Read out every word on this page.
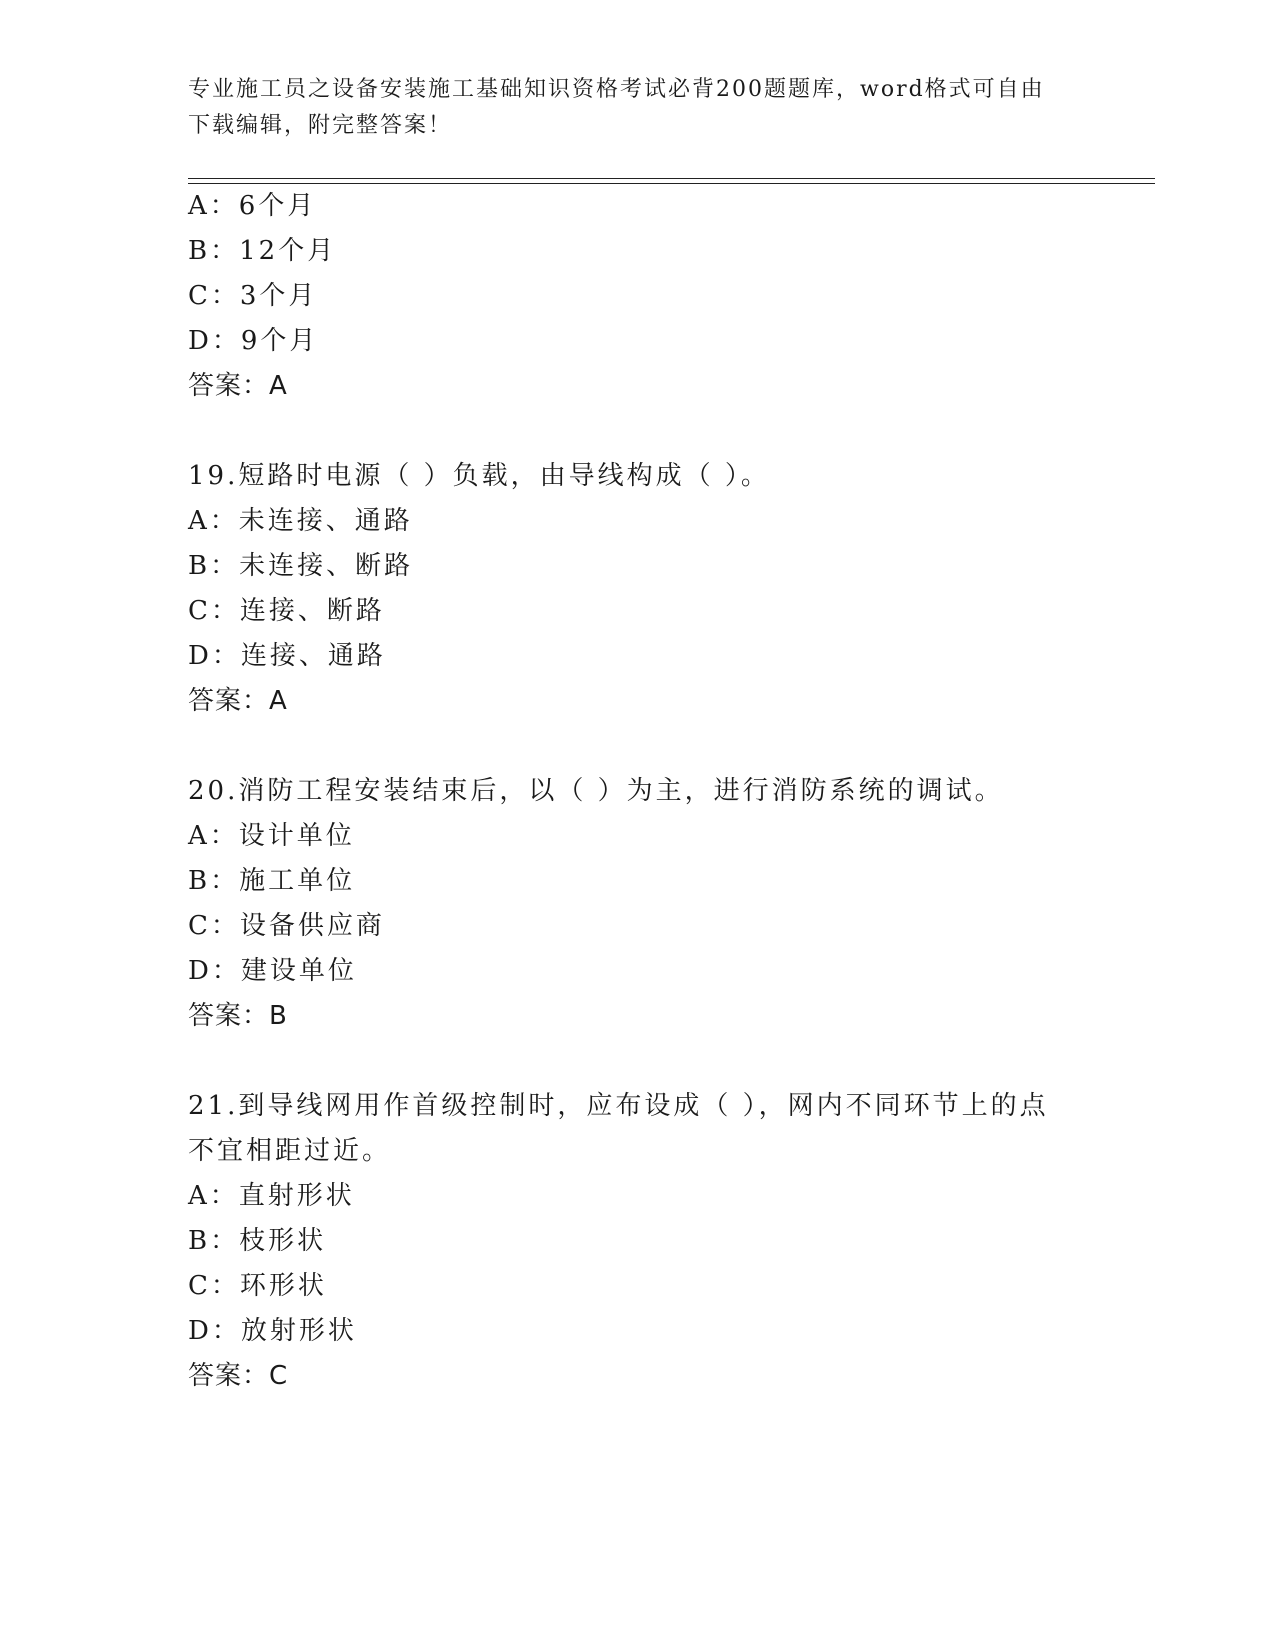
专业施工员之设备安装施工基础知识资格考试必背200题题库，word格式可自由
下载编辑，附完整答案！
A：6个月
B：12个月
C：3个月
D：9个月
答案：A
19.短路时电源（ ）负载，由导线构成（ ）。
A：未连接、通路
B：未连接、断路
C：连接、断路
D：连接、通路
答案：A
20.消防工程安装结束后，以（ ）为主，进行消防系统的调试。
A：设计单位
B：施工单位
C：设备供应商
D：建设单位
答案：B
21.到导线网用作首级控制时，应布设成（ ），网内不同环节上的点
不宜相距过近。
A：直射形状
B：枝形状
C：环形状
D：放射形状
答案：C
